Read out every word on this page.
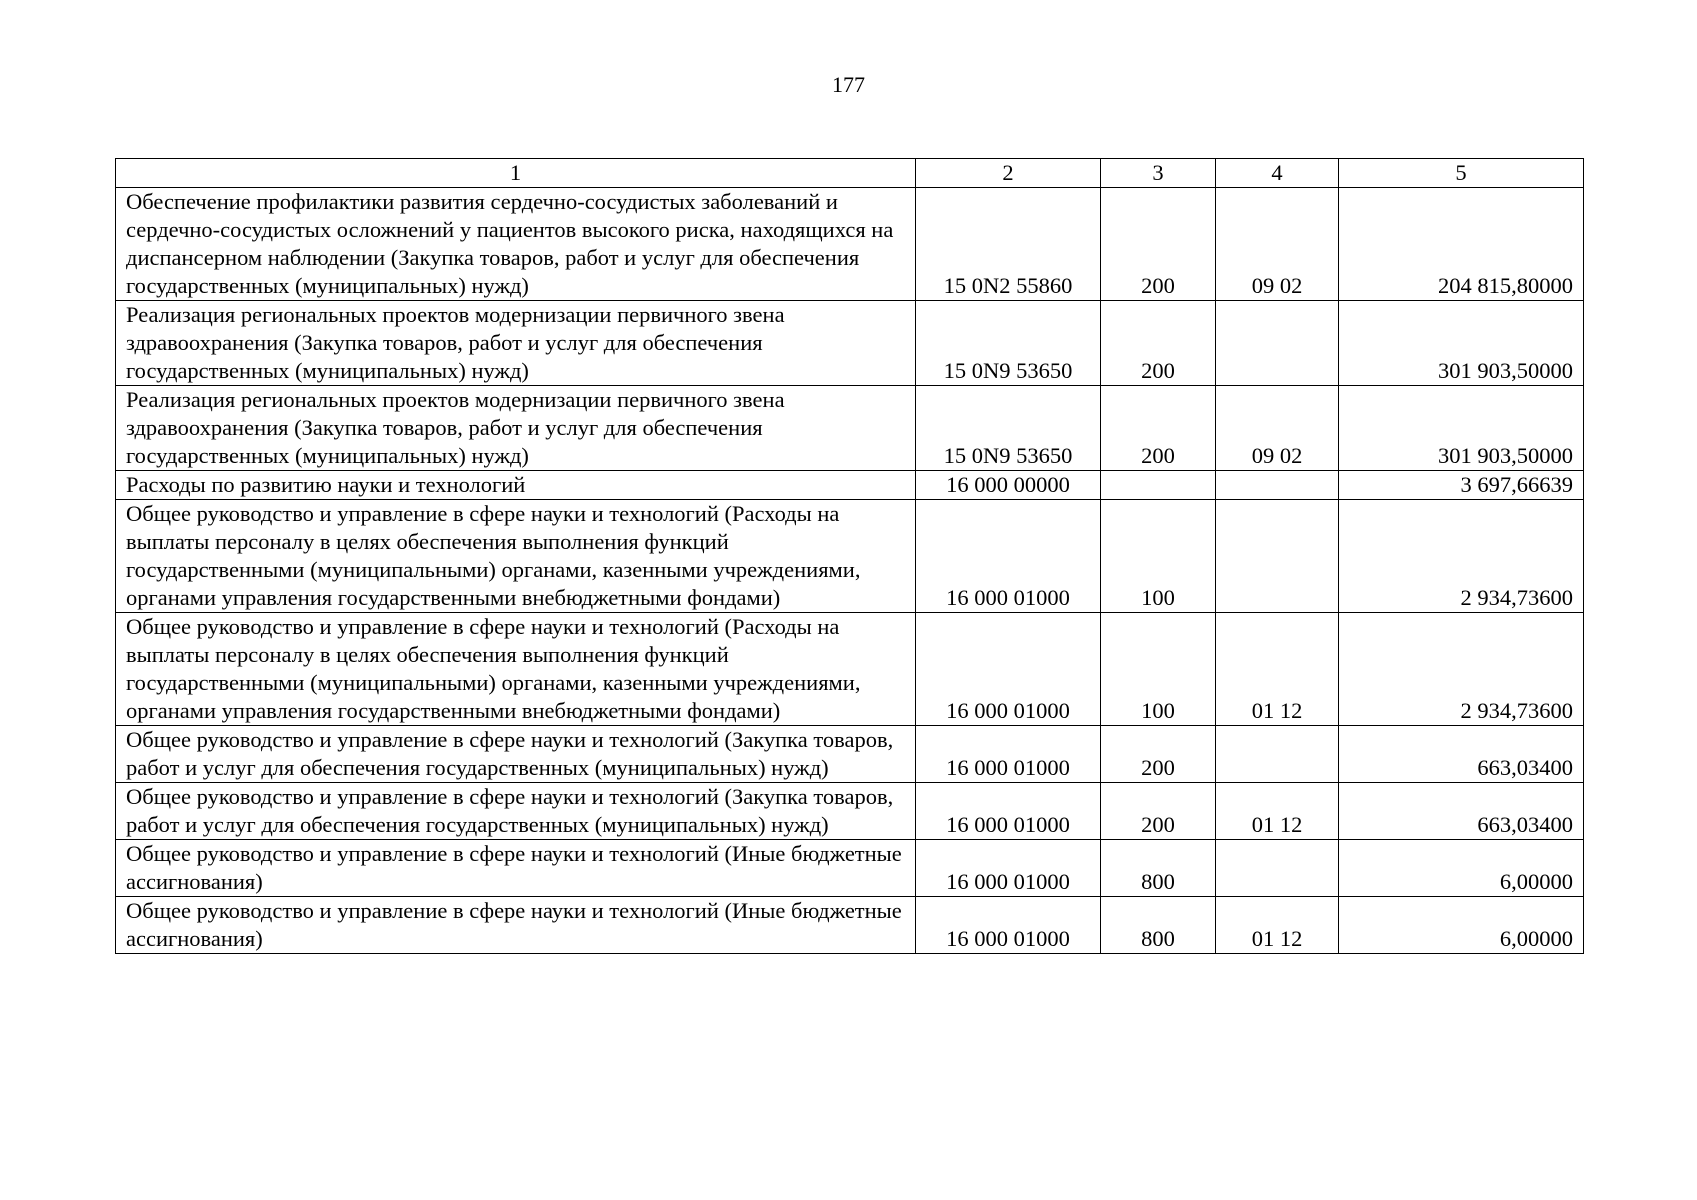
177
1	2	3	4	5
Обеспечение профилактики развития сердечно-сосудистых заболеваний и сердечно-сосудистых осложнений у пациентов высокого риска, находящихся на диспансерном наблюдении (Закупка товаров, работ и услуг для обеспечения государственных (муниципальных) нужд)	15 0N2 55860	200	09 02	204 815,80000
Реализация региональных проектов модернизации первичного звена здравоохранения (Закупка товаров, работ и услуг для обеспечения государственных (муниципальных) нужд)	15 0N9 53650	200		301 903,50000
Реализация региональных проектов модернизации первичного звена здравоохранения (Закупка товаров, работ и услуг для обеспечения государственных (муниципальных) нужд)	15 0N9 53650	200	09 02	301 903,50000
Расходы по развитию науки и технологий	16 000 00000			3 697,66639
Общее руководство и управление в сфере науки и технологий (Расходы на выплаты персоналу в целях обеспечения выполнения функций государственными (муниципальными) органами, казенными учреждениями, органами управления государственными внебюджетными фондами)	16 000 01000	100		2 934,73600
Общее руководство и управление в сфере науки и технологий (Расходы на выплаты персоналу в целях обеспечения выполнения функций государственными (муниципальными) органами, казенными учреждениями, органами управления государственными внебюджетными фондами)	16 000 01000	100	01 12	2 934,73600
Общее руководство и управление в сфере науки и технологий (Закупка товаров, работ и услуг для обеспечения государственных (муниципальных) нужд)	16 000 01000	200		663,03400
Общее руководство и управление в сфере науки и технологий (Закупка товаров, работ и услуг для обеспечения государственных (муниципальных) нужд)	16 000 01000	200	01 12	663,03400
Общее руководство и управление в сфере науки и технологий (Иные бюджетные ассигнования)	16 000 01000	800		6,00000
Общее руководство и управление в сфере науки и технологий (Иные бюджетные ассигнования)	16 000 01000	800	01 12	6,00000
